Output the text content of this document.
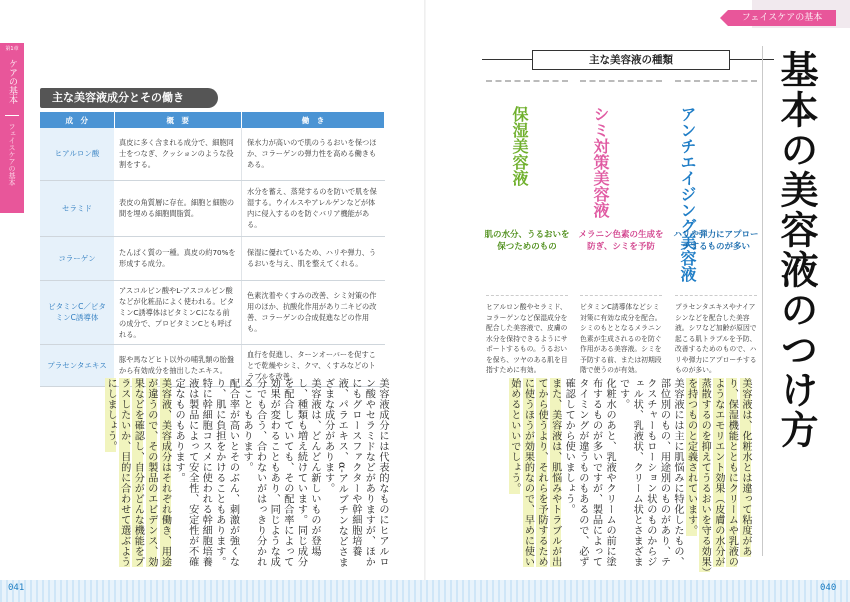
フェイスケアの基本
第1章
ケアの基本
フェイスケアの基本
主な美容液成分とその働き
成　分	概　要	働　き
ヒアルロン酸	真皮に多く含まれる成分で、細胞同士をつなぎ、クッションのような役割をする。	保水力が高いので肌のうるおいを保つほか、コラーゲンの弾力性を高める働きもある。
セラミド	表皮の角質層に存在。細胞と細胞の間を埋める細胞間脂質。	水分を蓄え、蒸発するのを防いで肌を保湿する。ウイルスやアレルゲンなどが体内に侵入するのを防ぐバリア機能がある。
コラーゲン	たんぱく質の一種。真皮の約70%を形成する成分。	保湿に優れているため、ハリや弾力、うるおいを与え、肌を整えてくれる。
ビタミンC／ビタミンC誘導体	アスコルビン酸やL-アスコルビン酸などが化粧品によく使われる。ビタミンC誘導体はビタミンCになる前の成分で、プロビタミンCとも呼ばれる。	色素沈着やくすみの改善、シミ対策の作用のほか、抗酸化作用があり二キビの改善、コラーゲンの合成促進などの作用も。
プラセンタエキス	豚や馬などヒト以外の哺乳類の胎盤から有効成分を抽出したエキス。	血行を促進し、ターンオーバーを促すことで乾燥やシミ、クマ、くすみなどのトラブルを改善。

美容液成分には代表的なものにヒアルロン酸やセラミドなどがありますが、ほかにもグロースファクターや幹細胞培養液、パラエキス、α-アルブチンなどさまざまな成分があります。

美容液は、どんどん新しいものが登場し、種類も増え続けています。同じ成分を配合していても、その配合率によって効果が変わることもあり、同じような成分でも合う、合わないがはっきり分かれることもあります。

配合率が高いとそのぶん、刺激が強くなり、肌に負担をかけることもあります。特に幹細胞コスメに使われる幹細胞培養液は製品によって安全性、安定性が不確定なものもあります。

美容液、美容成分はそれぞれ働き、用途が違うので、その製品のエビデンス、効果などを確認し、自分がどんな機能をプラスしたいか、目的に合わせて選ぶようにしましょう。

主な美容液の種類
保湿美容液
肌の水分、うるおいを保つためのもの
ヒアルロン酸やセラミド、コラーゲンなど保湿成分を配合した美容液で、皮膚の水分を保持できるようにサポートするもの。うるおいを保ち、ツヤのある肌を目指すために有効。
シミ対策美容液
メラニン色素の生成を防ぎ、シミを予防
ビタミンC誘導体などシミ対策に有効な成分を配合。シミのもととなるメラニン色素が生成されるのを防ぐ作用がある美容液。シミを予防する前、または初期段階で使うのが有効。
アンチエイジング美容液
ハリや弾力にアプローチするものが多い
プラセンタエキスやナイアシンなどを配合した美容液。シワなど加齢が原因で起こる肌トラブルを予防、改善するためのもので、ハリや弾力にアプローチするものが多い。	基本の美容液のつけ方

美容液は、化粧水とは違って粘度があり、保湿機能とともにクリームや乳液のようなエモリエント効果（皮膚の水分が蒸散するのを抑えてうるおいを守る効果）を持つものと定義されています。

美容液には主に肌悩みに特化したもの、部位別のもの、用途別のものがあり、テクスチャーもローション状のものからジェル状、乳液状、クリーム状とさまざまです。

化粧水のあと、乳液やクリームの前に塗布するものが多いですが、製品によってタイミングが違うものもあるので、必ず確認してから使いましょう。

また、美容液は、肌悩みやトラブルが出てから使うより、それらを予防するために使うほうが効果的なので、早めに使い始めるといいでしょう。

041	040
